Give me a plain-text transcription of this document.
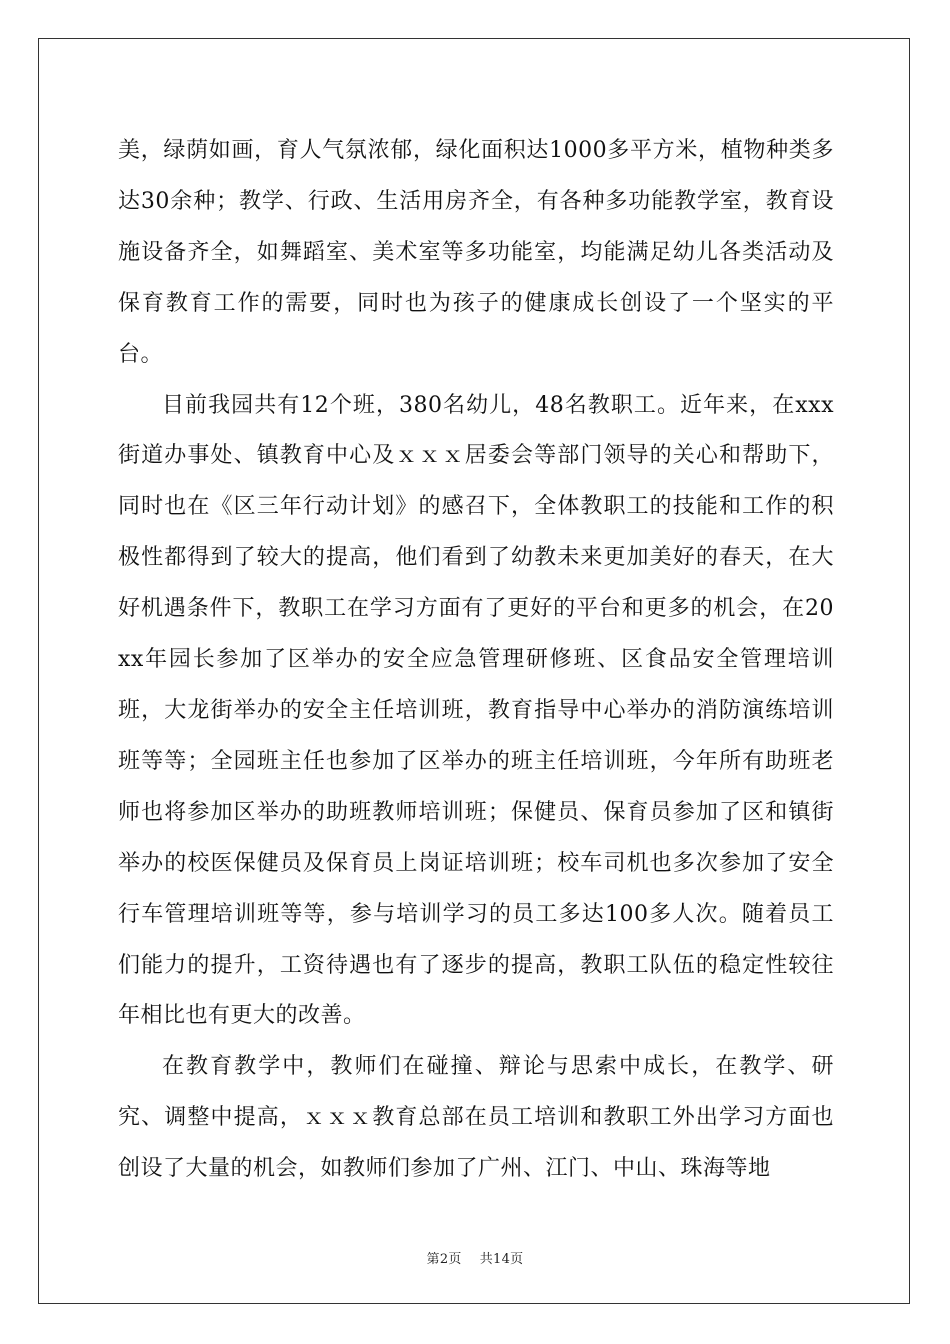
美，绿荫如画，育人气氛浓郁，绿化面积达1000多平方米，植物种类多达30余种；教学、行政、生活用房齐全，有各种多功能教学室，教育设施设备齐全，如舞蹈室、美术室等多功能室，均能满足幼儿各类活动及保育教育工作的需要，同时也为孩子的健康成长创设了一个坚实的平台。

目前我园共有12个班，380名幼儿，48名教职工。近年来，在xxx街道办事处、镇教育中心及ｘｘｘ居委会等部门领导的关心和帮助下，同时也在《区三年行动计划》的感召下，全体教职工的技能和工作的积极性都得到了较大的提高，他们看到了幼教未来更加美好的春天，在大好机遇条件下，教职工在学习方面有了更好的平台和更多的机会，在20xx年园长参加了区举办的安全应急管理研修班、区食品安全管理培训班，大龙街举办的安全主任培训班，教育指导中心举办的消防演练培训班等等；全园班主任也参加了区举办的班主任培训班，今年所有助班老师也将参加区举办的助班教师培训班；保健员、保育员参加了区和镇街举办的校医保健员及保育员上岗证培训班；校车司机也多次参加了安全行车管理培训班等等，参与培训学习的员工多达100多人次。随着员工们能力的提升，工资待遇也有了逐步的提高，教职工队伍的稳定性较往年相比也有更大的改善。

在教育教学中，教师们在碰撞、辩论与思索中成长，在教学、研究、调整中提高，ｘｘｘ教育总部在员工培训和教职工外出学习方面也创设了大量的机会，如教师们参加了广州、江门、中山、珠海等地

第2页 共14页
